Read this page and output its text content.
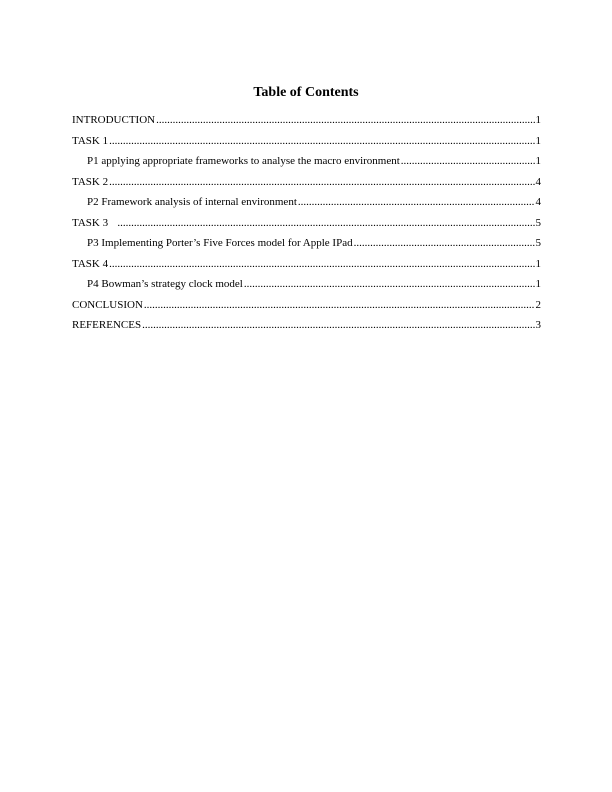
Table of Contents
INTRODUCTION .....	1
TASK 1 .....	1
P1 applying appropriate frameworks to analyse the macro environment .....	1
TASK 2 .....	4
P2 Framework analysis of internal environment .....	4
TASK 3 .....	5
P3 Implementing Porter’s Five Forces model for Apple IPad .....	5
TASK 4 .....	1
P4 Bowman’s strategy clock model .....	1
CONCLUSION .....	2
REFERENCES .....	3
